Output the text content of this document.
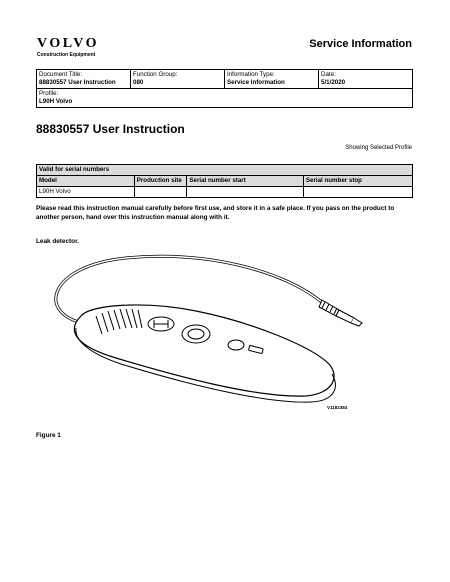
VOLVO
Construction Equipment
Service Information
Document Title:
88830557 User Instruction	
Function Group:
080	
Information Type:
Service Information	
Date:
5/1/2020

Profile:
L90H Volvo
88830557 User Instruction
Showing Selected Profile
Valid for serial numbers			
Model	Production site	Serial number start	Serial number stop
L90H Volvo			
Please read this instruction manual carefully before first use, and store it in a safe place. If you pass on the product to another person, hand over this instruction manual along with it.
Leak detector.
V1182384
Figure 1
